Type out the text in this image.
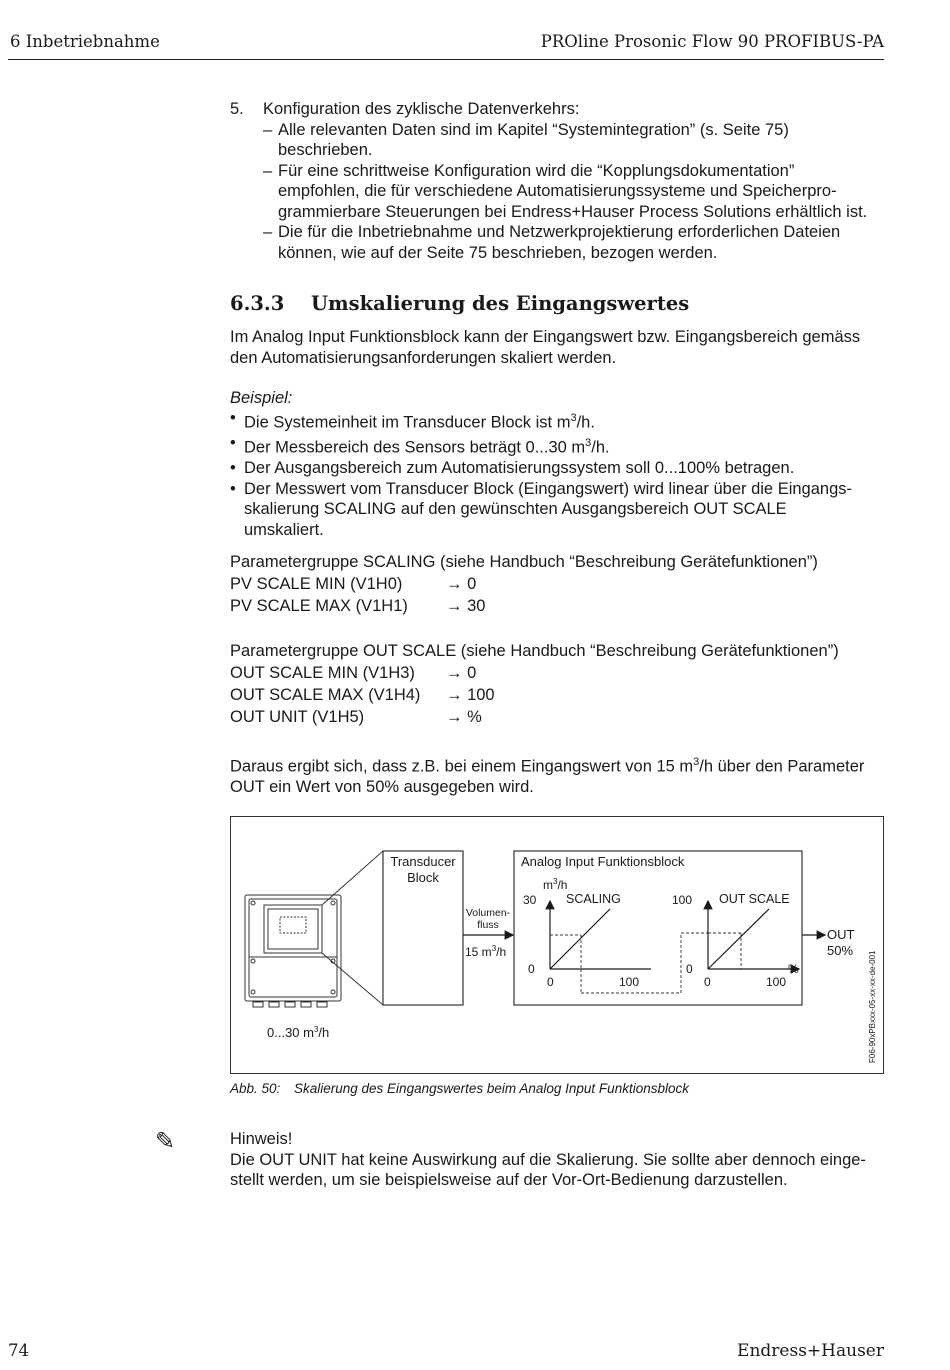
6 Inbetriebnahme	PROline Prosonic Flow 90 PROFIBUS-PA
5. Konfiguration des zyklische Datenverkehrs:
– Alle relevanten Daten sind im Kapitel “Systemintegration” (s. Seite 75)
beschrieben.
– Für eine schrittweise Konfiguration wird die “Kopplungsdokumentation”
empfohlen, die für verschiedene Automatisierungssysteme und Speicherpro-
grammierbare Steuerungen bei Endress+Hauser Process Solutions erhältlich ist.
– Die für die Inbetriebnahme und Netzwerkprojektierung erforderlichen Dateien
können, wie auf der Seite 75 beschrieben, bezogen werden.
6.3.3 Umskalierung des Eingangswertes
Im Analog Input Funktionsblock kann der Eingangswert bzw. Eingangsbereich gemäss
den Automatisierungsanforderungen skaliert werden.
Beispiel:
• Die Systemeinheit im Transducer Block ist $m^3/h$.
• Der Messbereich des Sensors beträgt 0...30 $m^3/h$.
• Der Ausgangsbereich zum Automatisierungssystem soll 0...100% betragen.
• Der Messwert vom Transducer Block (Eingangswert) wird linear über die Eingangs-
skalierung SCALING auf den gewünschten Ausgangsbereich OUT SCALE
umskaliert.
Parametergruppe SCALING (siehe Handbuch “Beschreibung Gerätefunktionen”)
PV SCALE MIN (V1H0)	→ 0
PV SCALE MAX (V1H1) → 30
Parametergruppe OUT SCALE (siehe Handbuch “Beschreibung Gerätefunktionen”)
OUT SCALE MIN (V1H3) → 0
OUT SCALE MAX (V1H4) → 100
OUT UNIT (V1H5)	→ %
Daraus ergibt sich, dass z.B. bei einem Eingangswert von 15 $m^3/h$ über den Parameter
OUT ein Wert von 50% ausgegeben wird.
0...30 $m^3/h$
Transducer
Block
Volumen-
fluss
15 $m^3/h$
Analog Input Funktionsblock
$m^3/h$
30 SCALING
0
0	100
100 OUT SCALE
0
0	100
%
OUT
50%
F06-90xPBxxx-05-xx-xx-de-001
Abb. 50: Skalierung des Eingangswertes beim Analog Input Funktionsblock
✎	Hinweis!
Die OUT UNIT hat keine Auswirkung auf die Skalierung. Sie sollte aber dennoch einge-
stellt werden, um sie beispielsweise auf der Vor-Ort-Bedienung darzustellen.
74	Endress+Hauser
